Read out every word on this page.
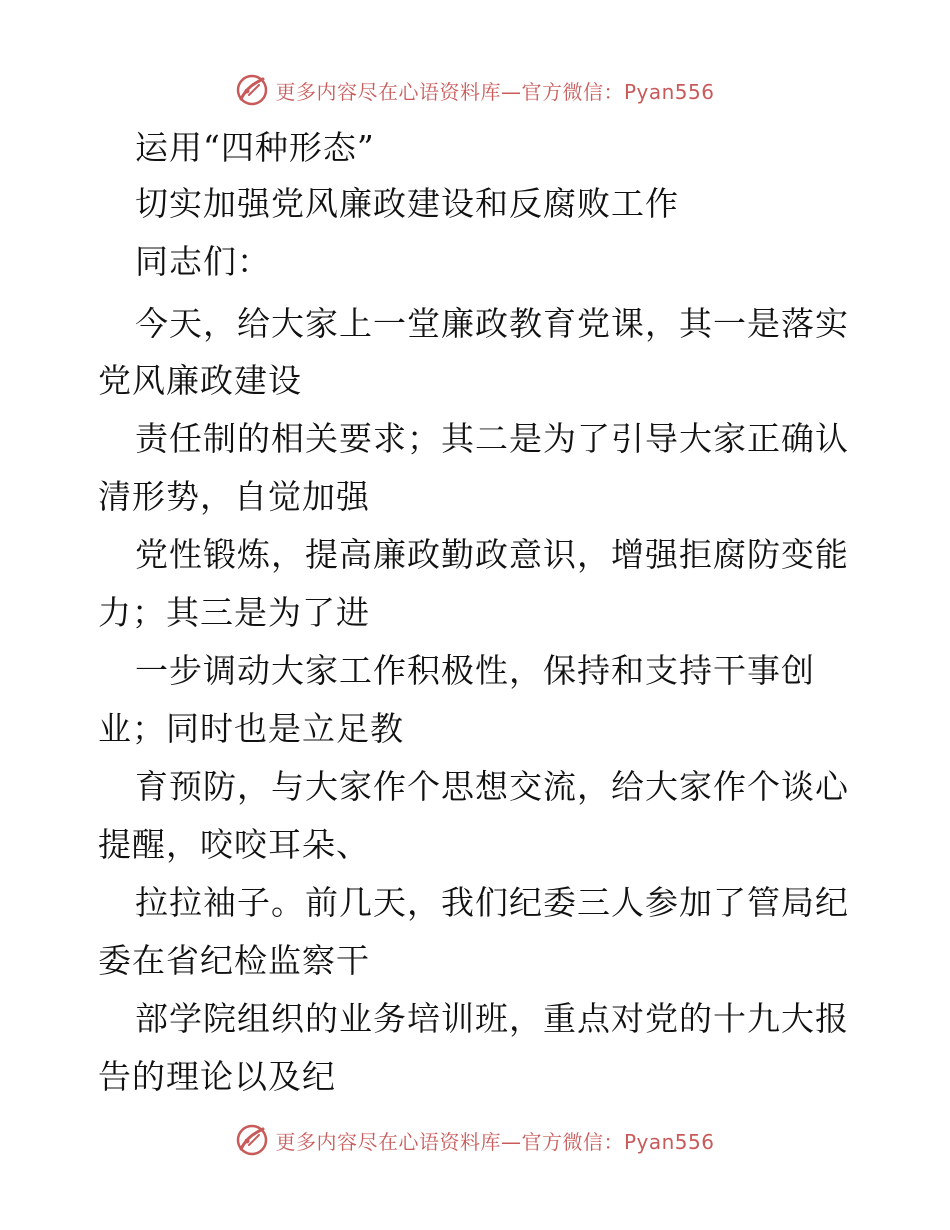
更多内容尽在心语资料库—官方微信：Pyan556
运用“四种形态”
切实加强党风廉政建设和反腐败工作
同志们：
今天，给大家上一堂廉政教育党课，其一是落实
党风廉政建设
责任制的相关要求；其二是为了引导大家正确认
清形势，自觉加强
党性锻炼，提高廉政勤政意识，增强拒腐防变能
力；其三是为了进
一步调动大家工作积极性，保持和支持干事创
业；同时也是立足教
育预防，与大家作个思想交流，给大家作个谈心
提醒，咬咬耳朵、
拉拉袖子。前几天，我们纪委三人参加了管局纪
委在省纪检监察干
部学院组织的业务培训班，重点对党的十九大报
告的理论以及纪
更多内容尽在心语资料库—官方微信：Pyan556
